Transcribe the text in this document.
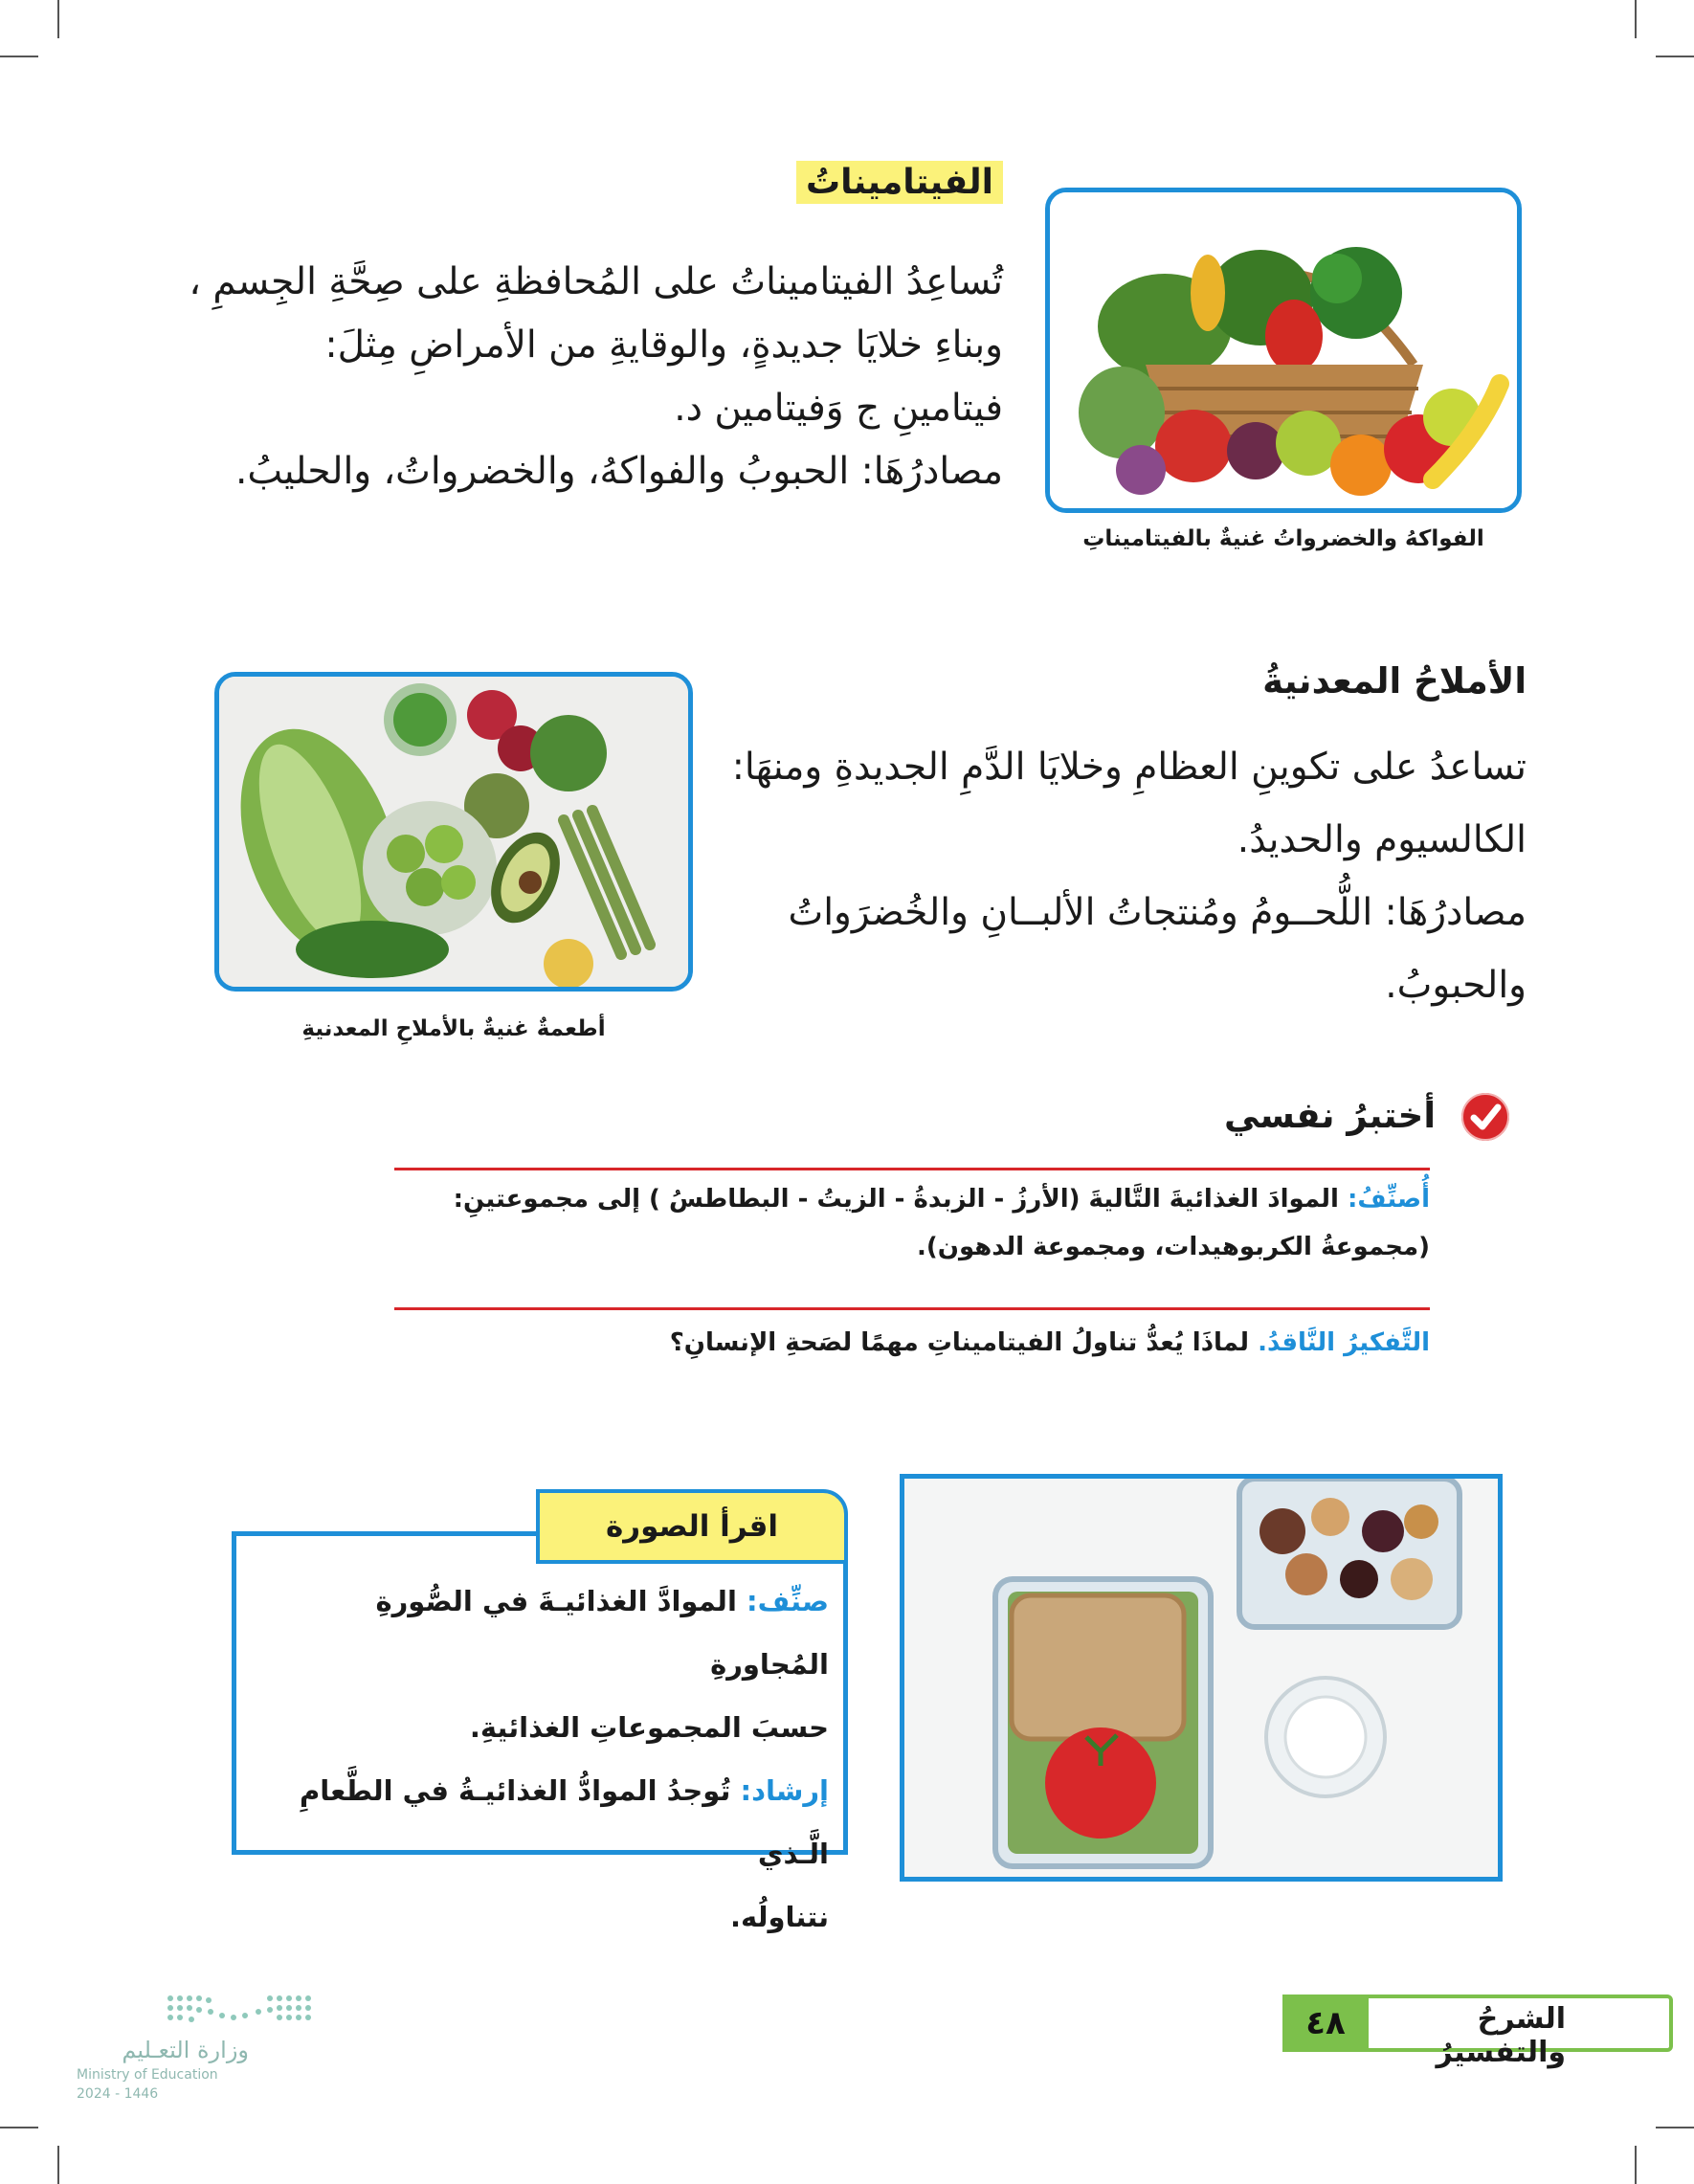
الفيتاميناتُ
تُساعِدُ الفيتاميناتُ على المُحافظةِ على صِحَّةِ الجِسمِ ،
وبناءِ خلايَا جديدةٍ، والوقايةِ من الأمراضِ مِثلَ:
فيتامينِ ج وَفيتامين د.
مصادرُهَا: الحبوبُ والفواكهُ، والخضرواتُ، والحليبُ.
الفواكهُ والخضرواتُ غنيةٌ بالفيتاميناتِ
الأملاحُ المعدنيةُ
تساعدُ على تكوينِ العظامِ وخلايَا الدَّمِ الجديدةِ ومنهَا:
الكالسيوم والحديدُ.
مصادرُهَا: اللُّحــومُ ومُنتجاتُ الألبــانِ والخُضرَواتُ
والحبوبُ.
أطعمةٌ غنيةٌ بالأملاحِ المعدنيةِ
أختبرُ نفسي
أُصنِّفُ: الموادَ الغذائيةَ التَّاليةَ (الأرزُ - الزبدةُ - الزيتُ - البطاطسُ ) إلى مجموعتينِ:
(مجموعةُ الكربوهيدات، ومجموعة الدهون).
التَّفكيرُ النَّاقدُ. لماذَا يُعدُّ تناولُ الفيتاميناتِ مهمًا لصَحةِ الإنسانِ؟
اقرأ الصورة
صنِّف: الموادَّ الغذائيـةَ في الصُّورةِ المُجاورةِ
حسبَ المجموعاتِ الغذائيةِ.
إرشاد: تُوجدُ الموادُّ الغذائيـةُ في الطَّعامِ الَّـذي
نتناولُه.
٤٨	الشرحُ والتفسيرُ
وزارة التعـليم
Ministry of Education
2024 - 1446
